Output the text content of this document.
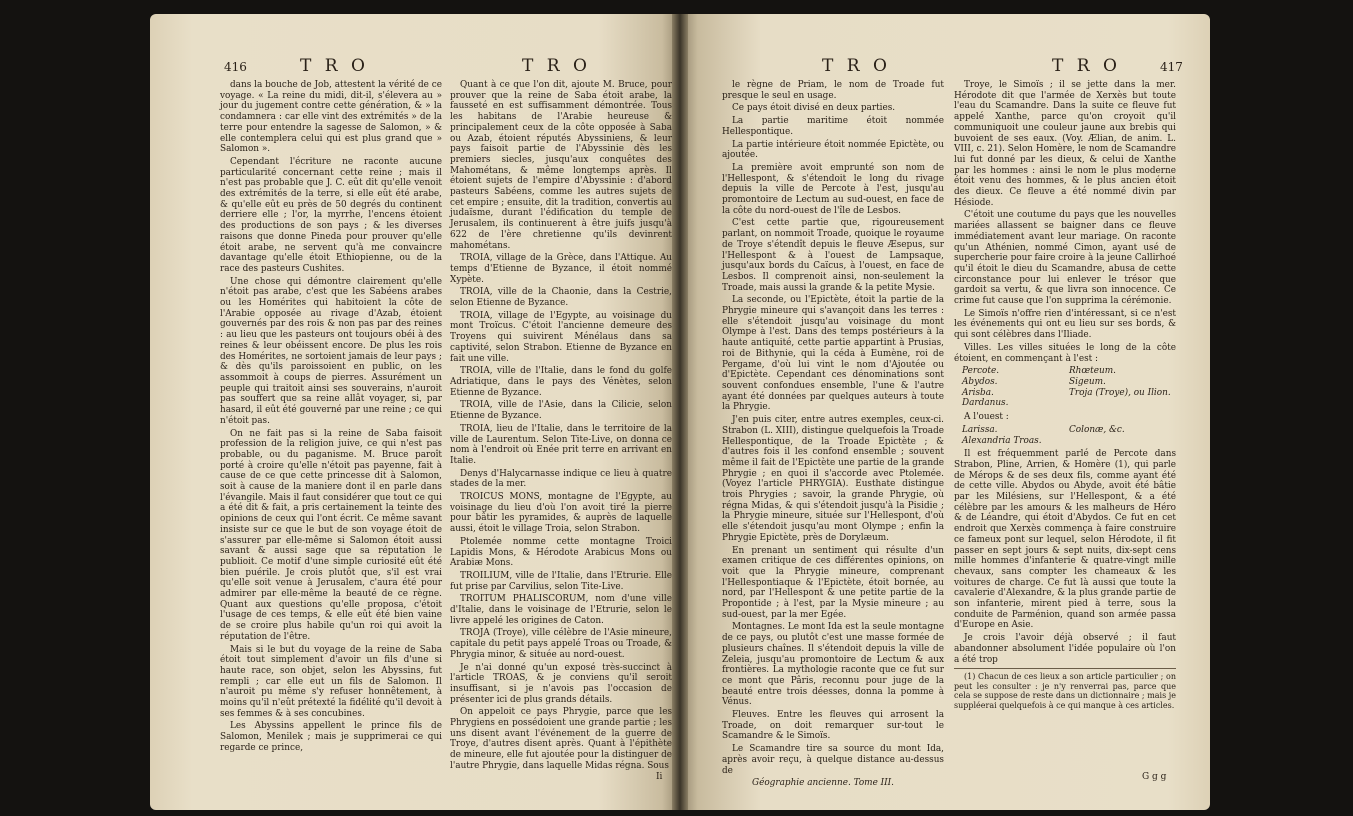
416	T R O	T R O

dans la bouche de Job, attestent la vérité de ce voyage. « La reine du midi, dit-il, s'élevera au » jour du jugement contre cette génération, & » la condamnera : car elle vint des extrémités » de la terre pour entendre la sagesse de Salomon, » & elle contemplera celui qui est plus grand que » Salomon ».

Cependant l'écriture ne raconte aucune particularité concernant cette reine ; mais il n'est pas probable que J. C. eût dit qu'elle venoit des extrémités de la terre, si elle eût été arabe, & qu'elle eût eu près de 50 degrés du continent derriere elle ; l'or, la myrrhe, l'encens étoient des productions de son pays ; & les diverses raisons que donne Pineda pour prouver qu'elle étoit arabe, ne servent qu'à me convaincre davantage qu'elle étoit Ethiopienne, ou de la race des pasteurs Cushites.

Une chose qui démontre clairement qu'elle n'étoit pas arabe, c'est que les Sabéens arabes ou les Homérites qui habitoient la côte de l'Arabie opposée au rivage d'Azab, étoient gouvernés par des rois & non pas par des reines : au lieu que les pasteurs ont toujours obéi à des reines & leur obéissent encore. De plus les rois des Homérites, ne sortoient jamais de leur pays ; & dès qu'ils paroissoient en public, on les assommoit à coups de pierres. Assurément un peuple qui traitoit ainsi ses souverains, n'auroit pas souffert que sa reine allât voyager, si, par hasard, il eût été gouverné par une reine ; ce qui n'étoit pas.

On ne fait pas si la reine de Saba faisoit profession de la religion juive, ce qui n'est pas probable, ou du paganisme. M. Bruce paroît porté à croire qu'elle n'étoit pas payenne, fait à cause de ce que cette princesse dit à Salomon, soit à cause de la maniere dont il en parle dans l'évangile. Mais il faut considérer que tout ce qui a été dit & fait, a pris certainement la teinte des opinions de ceux qui l'ont écrit. Ce même savant insiste sur ce que le but de son voyage étoit de s'assurer par elle-même si Salomon étoit aussi savant & aussi sage que sa réputation le publioit. Ce motif d'une simple curiosité eût été bien puérile. Je crois plutôt que, s'il est vrai qu'elle soit venue à Jerusalem, c'aura été pour admirer par elle-même la beauté de ce règne. Quant aux questions qu'elle proposa, c'étoit l'usage de ces temps, & elle eût été bien vaine de se croire plus habile qu'un roi qui avoit la réputation de l'être.

Mais si le but du voyage de la reine de Saba étoit tout simplement d'avoir un fils d'une si haute race, son objet, selon les Abyssins, fut rempli ; car elle eut un fils de Salomon. Il n'auroit pu même s'y refuser honnêtement, à moins qu'il n'eût prétexté la fidélité qu'il devoit à ses femmes & à ses concubines.

Les Abyssins appellent le prince fils de Salomon, Menilek ; mais je supprimerai ce qui regarde ce prince,

Quant à ce que l'on dit, ajoute M. Bruce, pour prouver que la reine de Saba étoit arabe, la fausseté en est suffisamment démontrée. Tous les habitans de l'Arabie heureuse & principalement ceux de la côte opposée à Saba ou Azab, étoient réputés Abyssiniens, & leur pays faisoit partie de l'Abyssinie dès les premiers siecles, jusqu'aux conquêtes des Mahométans, & même longtemps après. Il étoient sujets de l'empire d'Abyssinie : d'abord pasteurs Sabéens, comme les autres sujets de cet empire ; ensuite, dit la tradition, convertis au judaïsme, durant l'édification du temple de Jerusalem, ils continuerent à être juifs jusqu'à 622 de l'ère chretienne qu'ils devinrent mahométans.

TROIA, village de la Grèce, dans l'Attique. Au temps d'Etienne de Byzance, il étoit nommé Xypète.

TROIA, ville de la Chaonie, dans la Cestrie, selon Etienne de Byzance.

TROIA, village de l'Egypte, au voisinage du mont Troïcus. C'étoit l'ancienne demeure des Troyens qui suivirent Ménélaus dans sa captivité, selon Strabon. Etienne de Byzance en fait une ville.

TROIA, ville de l'Italie, dans le fond du golfe Adriatique, dans le pays des Vénètes, selon Etienne de Byzance.

TROIA, ville de l'Asie, dans la Cilicie, selon Etienne de Byzance.

TROIA, lieu de l'Italie, dans le territoire de la ville de Laurentum. Selon Tite-Live, on donna ce nom à l'endroit où Enée prit terre en arrivant en Italie.

Denys d'Halycarnasse indique ce lieu à quatre stades de la mer.

TROICUS MONS, montagne de l'Egypte, au voisinage du lieu d'où l'on avoit tiré la pierre pour bâtir les pyramides, & auprès de laquelle aussi, étoit le village Troia, selon Strabon.

Ptolemée nomme cette montagne Troici Lapidis Mons, & Hérodote Arabicus Mons ou Arabiæ Mons.

TROILIUM, ville de l'Italie, dans l'Etrurie. Elle fut prise par Carvilius, selon Tite-Live.

TROITUM PHALISCORUM, nom d'une ville d'Italie, dans le voisinage de l'Etrurie, selon le livre appelé les origines de Caton.

TROJA (Troye), ville célèbre de l'Asie mineure, capitale du petit pays appelé Troas ou Troade, & Phrygia minor, & située au nord-ouest.

Je n'ai donné qu'un exposé très-succinct à l'article TROAS, & je conviens qu'il seroit insuffisant, si je n'avois pas l'occasion de présenter ici de plus grands détails.

On appeloit ce pays Phrygie, parce que les Phrygiens en possédoient une grande partie ; les uns disent avant l'événement de la guerre de Troye, d'autres disent après. Quant à l'épithète de mineure, elle fut ajoutée pour la distinguer de l'autre Phrygie, dans laquelle Midas régna. Sous

Ii
T R O	T R O	417

le règne de Priam, le nom de Troade fut presque le seul en usage.

Ce pays étoit divisé en deux parties.

La partie maritime étoit nommée Hellespontique.

La partie intérieure étoit nommée Epictète, ou ajoutée.

La première avoit emprunté son nom de l'Hellespont, & s'étendoit le long du rivage depuis la ville de Percote à l'est, jusqu'au promontoire de Lectum au sud-ouest, en face de la côte du nord-ouest de l'île de Lesbos.

C'est cette partie que, rigoureusement parlant, on nommoit Troade, quoique le royaume de Troye s'étendît depuis le fleuve Æsepus, sur l'Hellespont & à l'ouest de Lampsaque, jusqu'aux bords du Caïcus, à l'ouest, en face de Lesbos. Il comprenoit ainsi, non-seulement la Troade, mais aussi la grande & la petite Mysie.

La seconde, ou l'Epictète, étoit la partie de la Phrygie mineure qui s'avançoit dans les terres : elle s'étendoit jusqu'au voisinage du mont Olympe à l'est. Dans des temps postérieurs à la haute antiquité, cette partie appartint à Prusias, roi de Bithynie, qui la céda à Eumène, roi de Pergame, d'où lui vint le nom d'Ajoutée ou d'Epictète. Cependant ces dénominations sont souvent confondues ensemble, l'une & l'autre ayant été données par quelques auteurs à toute la Phrygie.

J'en puis citer, entre autres exemples, ceux-ci. Strabon (L. XIII), distingue quelquefois la Troade Hellespontique, de la Troade Epictète ; & d'autres fois il les confond ensemble ; souvent même il fait de l'Epictète une partie de la grande Phrygie ; en quoi il s'accorde avec Ptolemée. (Voyez l'article PHRYGIA). Eusthate distingue trois Phrygies ; savoir, la grande Phrygie, où régna Midas, & qui s'étendoit jusqu'à la Pisidie ; la Phrygie mineure, située sur l'Hellespont, d'où elle s'étendoit jusqu'au mont Olympe ; enfin la Phrygie Epictète, près de Dorylæum.

En prenant un sentiment qui résulte d'un examen critique de ces différentes opinions, on voit que la Phrygie mineure, comprenant l'Hellespontiaque & l'Epictète, étoit bornée, au nord, par l'Hellespont & une petite partie de la Propontide ; à l'est, par la Mysie mineure ; au sud-ouest, par la mer Egée.

Montagnes. Le mont Ida est la seule montagne de ce pays, ou plutôt c'est une masse formée de plusieurs chaînes. Il s'étendoit depuis la ville de Zeleia, jusqu'au promontoire de Lectum & aux frontières. La mythologie raconte que ce fut sur ce mont que Pâris, reconnu pour juge de la beauté entre trois déesses, donna la pomme à Vénus.

Fleuves. Entre les fleuves qui arrosent la Troade, on doit remarquer sur-tout le Scamandre & le Simoïs.

Le Scamandre tire sa source du mont Ida, après avoir reçu, à quelque distance au-dessus de

Géographie ancienne. Tome III.

Troye, le Simoïs ; il se jette dans la mer. Hérodote dit que l'armée de Xerxès but toute l'eau du Scamandre. Dans la suite ce fleuve fut appelé Xanthe, parce qu'on croyoit qu'il communiquoit une couleur jaune aux brebis qui buvoient de ses eaux. (Voy. Ælian, de anim. L. VIII, c. 21). Selon Homère, le nom de Scamandre lui fut donné par les dieux, & celui de Xanthe par les hommes : ainsi le nom le plus moderne étoit venu des hommes, & le plus ancien étoit des dieux. Ce fleuve a été nommé divin par Hésiode.

C'étoit une coutume du pays que les nouvelles mariées allassent se baigner dans ce fleuve immédiatement avant leur mariage. On raconte qu'un Athénien, nommé Cimon, ayant usé de supercherie pour faire croire à la jeune Callirhoé qu'il étoit le dieu du Scamandre, abusa de cette circonstance pour lui enlever le trésor que gardoit sa vertu, & que livra son innocence. Ce crime fut cause que l'on supprima la cérémonie.

Le Simoïs n'offre rien d'intéressant, si ce n'est les événements qui ont eu lieu sur ses bords, & qui sont célèbres dans l'Iliade.

Villes. Les villes situées le long de la côte étoient, en commençant à l'est :

Percote.	Rhœteum.
Abydos.	Sigeum.
Arisba.	Troja (Troye), ou Ilion.
Dardanus.

A l'ouest :

Larissa.	Colonæ, &c.
Alexandria Troas.

Il est fréquemment parlé de Percote dans Strabon, Pline, Arrien, & Homère (1), qui parle de Mérops & de ses deux fils, comme ayant été de cette ville. Abydos ou Abyde, avoit été bâtie par les Milésiens, sur l'Hellespont, & a été célèbre par les amours & les malheurs de Héro & de Léandre, qui étoit d'Abydos. Ce fut en cet endroit que Xerxès commença à faire construire ce fameux pont sur lequel, selon Hérodote, il fit passer en sept jours & sept nuits, dix-sept cens mille hommes d'infanterie & quatre-vingt mille chevaux, sans compter les chameaux & les voitures de charge. Ce fut là aussi que toute la cavalerie d'Alexandre, & la plus grande partie de son infanterie, mirent pied à terre, sous la conduite de Parménion, quand son armée passa d'Europe en Asie.

Je crois l'avoir déjà observé ; il faut abandonner absolument l'idée populaire où l'on a été trop

(1) Chacun de ces lieux a son article particulier ; on peut les consulter : je n'y renverrai pas, parce que cela se suppose de reste dans un dictionnaire ; mais je suppléerai quelquefois à ce qui manque à ces articles.

G g g
